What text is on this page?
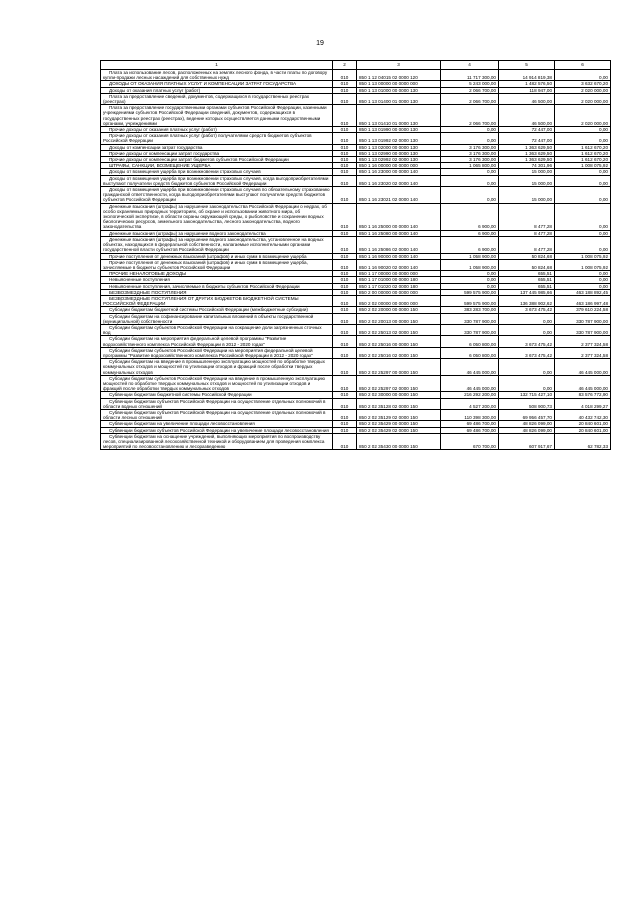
19
1	2	3	4	5	6
Плата за использование лесов, расположенных на землях лесного фонда, в части платы по договору купли-продажи лесных насаждений для собственных нужд	010	850 1 12 04015 02 0000 120	11 717 300,00	14 914 819,38	0,00
ДОХОДЫ ОТ ОКАЗАНИЯ ПЛАТНЫХ УСЛУГ И КОМПЕНСАЦИИ ЗАТРАТ ГОСУДАРСТВА	010	850 1 13 00000 00 0000 000	5 243 000,00	1 482 576,50	3 632 670,20
Доходы от оказания платных услуг (работ)	010	850 1 13 01000 00 0000 130	2 066 700,00	118 947,00	2 020 000,00
Плата за предоставление сведений, документов, содержащихся в государственных реестрах (реестрах)	010	850 1 13 01400 01 0000 130	2 066 700,00	46 500,00	2 020 000,00
Плата за предоставление государственными органами субъектов Российской Федерации, казенными учреждениями субъектов Российской Федерации сведений, документов, содержащихся в государственных реестрах (реестрах), ведение которых осуществляется данными государственными органами, учреждениями	010	850 1 13 01410 01 0000 130	2 066 700,00	46 500,00	2 020 000,00
Прочие доходы от оказания платных услуг (работ)	010	850 1 13 01990 00 0000 130	0,00	72 447,00	0,00
Прочие доходы от оказания платных услуг (работ) получателями средств бюджетов субъектов Российской Федерации	010	850 1 13 01992 02 0000 130	0,00	72 447,00	0,00
Доходы от компенсации затрат государства	010	850 1 13 02000 00 0000 130	3 176 300,00	1 363 629,50	1 612 670,20
Прочие доходы от компенсации затрат государства	010	850 1 13 02990 00 0000 130	3 176 300,00	1 363 629,50	1 612 670,20
Прочие доходы от компенсации затрат бюджетов субъектов Российской Федерации	010	850 1 13 02992 02 0000 130	3 176 300,00	1 363 629,50	1 612 670,20
ШТРАФЫ, САНКЦИИ, ВОЗМЕЩЕНИЕ УЩЕРБА	010	850 1 16 00000 00 0000 000	1 065 800,00	74 301,96	1 008 075,92
Доходы от возмещения ущерба при возникновении страховых случаев	010	850 1 16 23000 00 0000 140	0,00	15 000,00	0,00
Доходы от возмещения ущерба при возникновении страховых случаев, когда выгодоприобретателями выступают получатели средств бюджетов субъектов Российской Федерации	010	850 1 16 23020 02 0000 140	0,00	15 000,00	0,00
Доходы от возмещения ущерба при возникновении страховых случаев по обязательному страхованию гражданской ответственности, когда выгодоприобретателями выступают получатели средств бюджетов субъектов Российской Федерации	010	850 1 16 23021 02 0000 140	0,00	15 000,00	0,00
Денежные взыскания (штрафы) за нарушение законодательства Российской Федерации о недрах, об особо охраняемых природных территориях, об охране и использовании животного мира, об экологической экспертизе, в области охраны окружающей среды, о рыболовстве и сохранении водных биологических ресурсов, земельного законодательства, лесного законодательства, водного законодательства	010	850 1 16 25000 00 0000 140	6 900,00	8 477,28	0,00
Денежные взыскания (штрафы) за нарушение водного законодательства	010	850 1 16 25080 00 0000 140	6 900,00	8 477,28	0,00
Денежные взыскания (штрафы) за нарушение водного законодательства, установленное на водных объектах, находящихся в федеральной собственности, налагаемые исполнительными органами государственной власти субъектов Российской Федерации	010	850 1 16 25086 02 0000 140	6 900,00	8 477,28	0,00
Прочие поступления от денежных взысканий (штрафов) и иных сумм в возмещение ущерба	010	850 1 16 90000 00 0000 140	1 058 900,00	50 824,68	1 008 075,92
Прочие поступления от денежных взысканий (штрафов) и иных сумм в возмещение ущерба, зачисляемые в бюджеты субъектов Российской Федерации	010	850 1 16 90020 02 0000 140	1 058 900,00	50 824,68	1 008 075,92
ПРОЧИЕ НЕНАЛОГОВЫЕ ДОХОДЫ	010	850 1 17 00000 00 0000 000	0,00	655,51	0,00
Невыясненные поступления	010	850 1 17 01000 00 0000 180	0,00	655,51	0,00
Невыясненные поступления, зачисляемые в бюджеты субъектов Российской Федерации	010	850 1 17 01020 02 0000 180	0,00	655,51	0,00
БЕЗВОЗМЕЗДНЫЕ ПОСТУПЛЕНИЯ	010	850 2 00 00000 00 0000 000	599 575 900,00	137 445 985,66	463 188 892,45
БЕЗВОЗМЕЗДНЫЕ ПОСТУПЛЕНИЯ ОТ ДРУГИХ БЮДЖЕТОВ БЮДЖЕТНОЙ СИСТЕМЫ РОССИЙСКОЙ ФЕДЕРАЦИИ	010	850 2 02 00000 00 0000 000	599 575 900,00	136 388 902,62	463 186 997,48
Субсидии бюджетам бюджетной системы Российской Федерации (межбюджетные субсидии)	010	850 2 02 20000 00 0000 150	383 283 700,00	3 673 475,42	379 610 224,58
Субсидии бюджетам на софинансирование капитальных вложений в объекты государственной (муниципальной) собственности	010	850 2 02 20013 00 0000 150	330 787 900,00	0,00	330 787 900,00
Субсидии бюджетам субъектов Российской Федерации на сокращение доли загрязненных сточных вод	010	850 2 02 25013 02 0000 150	330 787 900,00	0,00	330 787 900,00
Субсидии бюджетам на мероприятия федеральной целевой программы "Развитие водохозяйственного комплекса Российской Федерации в 2012 - 2020 годах"	010	850 2 02 25016 00 0000 150	6 050 800,00	3 673 475,42	2 377 324,58
Субсидии бюджетам субъектов Российской Федерации на мероприятия федеральной целевой программы "Развитие водохозяйственного комплекса Российской Федерации в 2012 - 2020 годах"	010	850 2 02 25016 02 0000 150	6 050 800,00	3 673 475,42	2 377 324,58
Субсидии бюджетам на введение в промышленную эксплуатацию мощностей по обработке твердых коммунальных отходов и мощностей по утилизации отходов и фракций после обработки твердых коммунальных отходов	010	850 2 02 25297 00 0000 150	46 445 000,00	0,00	46 445 000,00
Субсидии бюджетам субъектов Российской Федерации на введение в промышленную эксплуатацию мощностей по обработке твердых коммунальных отходов и мощностей по утилизации отходов и фракций после обработки твердых коммунальных отходов	010	850 2 02 25297 02 0000 150	46 445 000,00	0,00	46 445 000,00
Субвенции бюджетам бюджетной системы Российской Федерации	010	850 2 02 30000 00 0000 150	216 292 200,00	132 715 427,10	83 576 772,90
Субвенции бюджетам субъектов Российской Федерации на осуществление отдельных полномочий в области водных отношений	010	850 2 02 35128 02 0000 150	4 527 200,00	508 900,73	4 018 299,27
Субвенции бюджетам субъектов Российской Федерации на осуществление отдельных полномочий в области лесных отношений	010	850 2 02 35129 02 0000 150	110 398 300,00	69 956 457,70	40 432 742,30
Субвенции бюджетам на увеличение площади лесовосстановления	010	850 2 02 35429 00 0000 150	69 486 700,00	48 826 099,00	20 840 601,00
Субвенции бюджетам субъектов Российской Федерации на увеличение площади лесовосстановления	010	850 2 02 35429 02 0000 150	69 486 700,00	48 826 099,00	20 840 601,00
Субвенции бюджетам на оснащение учреждений, выполняющих мероприятия по воспроизводству лесов, специализированной лесохозяйственной техникой и оборудованием для проведения комплекса мероприятий по лесовосстановлению и лесоразведению	010	850 2 02 35430 00 0000 150	670 700,00	607 917,67	62 782,33
